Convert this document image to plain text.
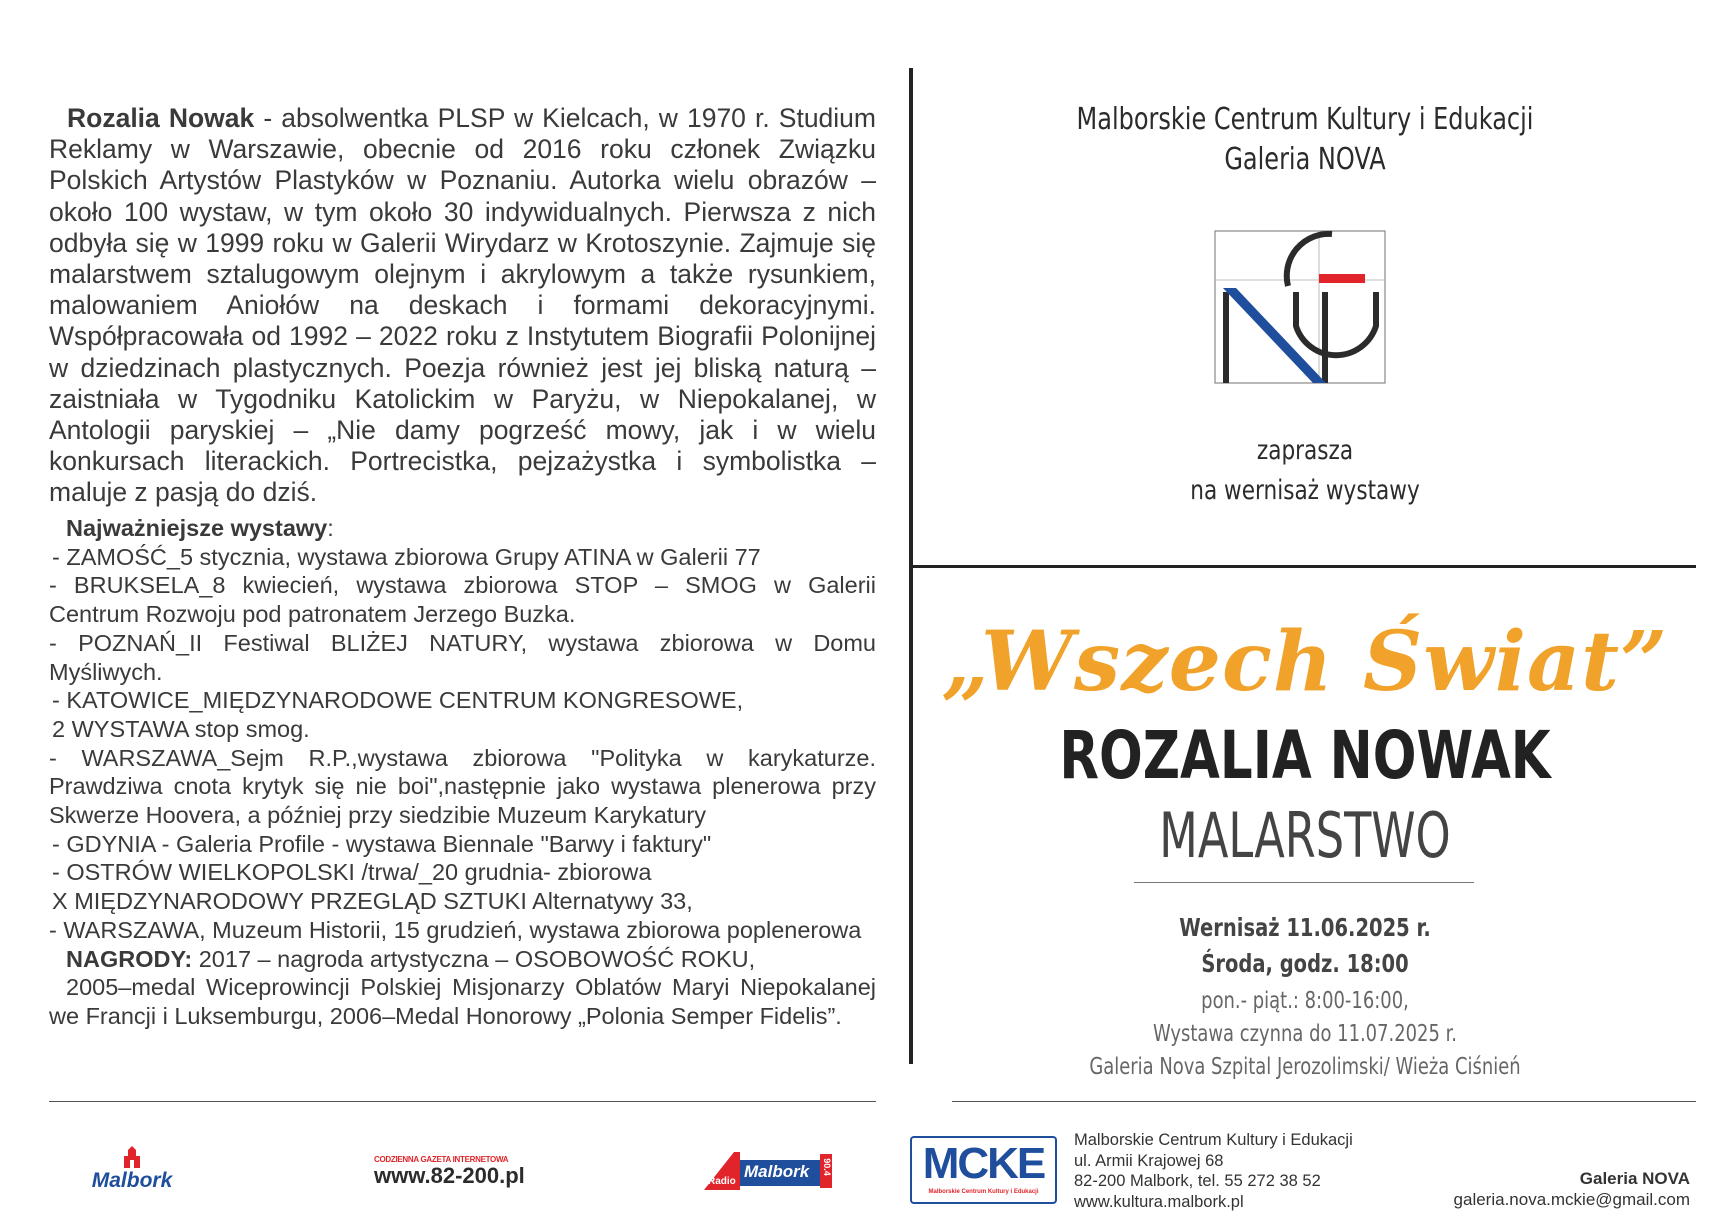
Rozalia Nowak - absolwentka PLSP w Kielcach, w 1970 r. Studium Reklamy w Warszawie, obecnie od 2016 roku członek Związku Polskich Artystów Plastyków w Poznaniu. Autorka wielu obrazów – około 100 wystaw, w tym około 30 indywidualnych. Pierwsza z nich odbyła się w 1999 roku w Galerii Wirydarz w Krotoszynie. Zajmuje się malarstwem sztalugowym olejnym i akrylowym a także rysunkiem, malowaniem Aniołów na deskach i formami dekoracyjnymi. Współpracowała od 1992 – 2022 roku z Instytutem Biografii Polonijnej w dziedzinach plastycznych. Poezja również jest jej bliską naturą – zaistniała w Tygodniku Katolickim w Paryżu, w Niepokalanej, w Antologii paryskiej – „Nie damy pogrześć mowy, jak i w wielu konkursach literackich. Portrecistka, pejzażystka i symbolistka – maluje z pasją do dziś.
Najważniejsze wystawy:
- ZAMOŚĆ_5 stycznia, wystawa zbiorowa Grupy ATINA w Galerii 77
- BRUKSELA_8 kwiecień, wystawa zbiorowa STOP – SMOG w Galerii Centrum Rozwoju pod patronatem Jerzego Buzka.
- POZNAŃ_II Festiwal BLIŻEJ NATURY, wystawa zbiorowa w Domu Myśliwych.
- KATOWICE_MIĘDZYNARODOWE CENTRUM KONGRESOWE,
2 WYSTAWA stop smog.
- WARSZAWA_Sejm R.P.,wystawa zbiorowa "Polityka w karykaturze. Prawdziwa cnota krytyk się nie boi",następnie jako wystawa plenerowa przy Skwerze Hoovera, a później przy siedzibie Muzeum Karykatury
- GDYNIA - Galeria Profile - wystawa Biennale "Barwy i faktury"
- OSTRÓW WIELKOPOLSKI /trwa/_20 grudnia- zbiorowa
X MIĘDZYNARODOWY PRZEGLĄD SZTUKI Alternatywy 33,
- WARSZAWA, Muzeum Historii, 15 grudzień, wystawa zbiorowa poplenerowa
NAGRODY: 2017 – nagroda artystyczna – OSOBOWOŚĆ ROKU,
2005–medal Wiceprowincji Polskiej Misjonarzy Oblatów Maryi Niepokalanej we Francji i Luksemburgu, 2006–Medal Honorowy „Polonia Semper Fidelis”.
Malborskie Centrum Kultury i Edukacji
Galeria NOVA
zaprasza
na wernisaż wystawy
„Wszech Świat”
ROZALIA NOWAK
MALARSTWO
Wernisaż 11.06.2025 r.
Środa, godz. 18:00
pon.- piąt.: 8:00-16:00,
Wystawa czynna do 11.07.2025 r.
Galeria Nova Szpital Jerozolimski/ Wieża Ciśnień
Malbork
CODZIENNA GAZETA INTERNETOWA
www.82-200.pl	Radio
Malbork 90.4 MCKE
Malborskie Centrum Kultury i Edukacji
Malborskie Centrum Kultury i Edukacji
ul. Armii Krajowej 68
82-200 Malbork, tel. 55 272 38 52
www.kultura.malbork.pl
Galeria NOVA
galeria.nova.mckie@gmail.com
